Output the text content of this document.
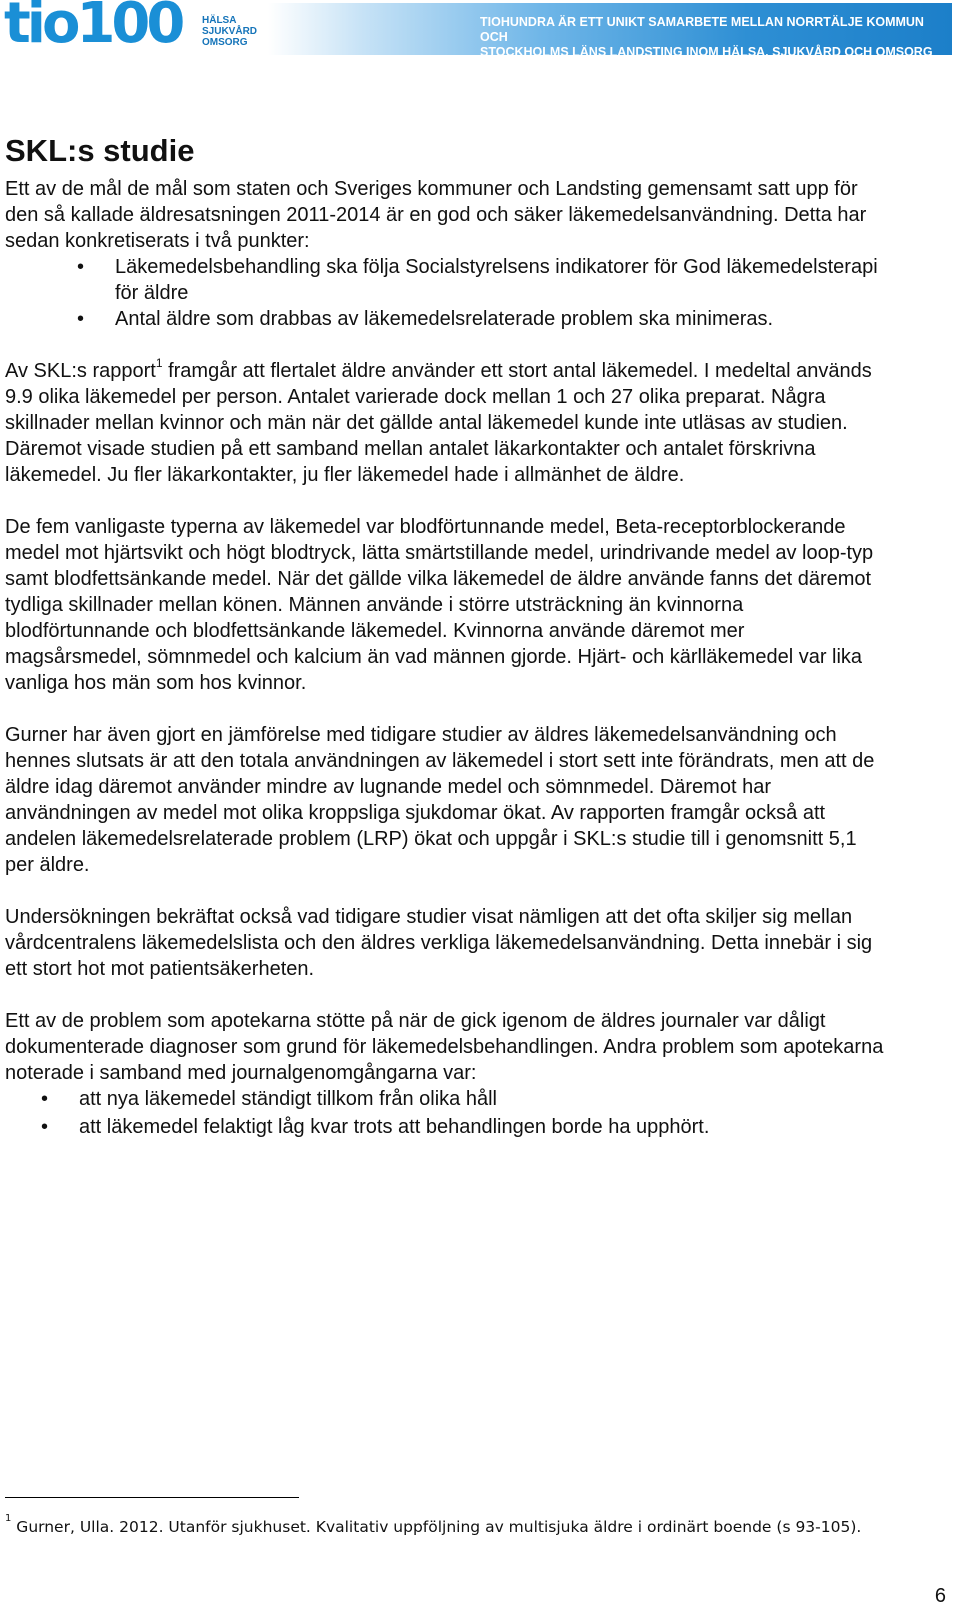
tio100 HÄLSA
SJUKVÅRD
OMSORG
TIOHUNDRA ÄR ETT UNIKT SAMARBETE MELLAN NORRTÄLJE KOMMUN OCH
STOCKHOLMS LÄNS LANDSTING INOM HÄLSA, SJUKVÅRD OCH OMSORG
SKL:s studie

Ett av de mål de mål som staten och Sveriges kommuner och Landsting gemensamt satt upp för den så kallade äldresatsningen 2011-2014 är en god och säker läkemedelsanvändning. Detta har sedan konkretiserats i två punkter:

• Läkemedelsbehandling ska följa Socialstyrelsens indikatorer för God läkemedelsterapi för äldre
• Antal äldre som drabbas av läkemedelsrelaterade problem ska minimeras.

Av SKL:s rapport$^1$ framgår att flertalet äldre använder ett stort antal läkemedel. I medeltal används 9.9 olika läkemedel per person. Antalet varierade dock mellan 1 och 27 olika preparat. Några skillnader mellan kvinnor och män när det gällde antal läkemedel kunde inte utläsas av studien. Däremot visade studien på ett samband mellan antalet läkarkontakter och antalet förskrivna läkemedel. Ju fler läkarkontakter, ju fler läkemedel hade i allmänhet de äldre.

De fem vanligaste typerna av läkemedel var blodförtunnande medel, Beta-receptorblockerande medel mot hjärtsvikt och högt blodtryck, lätta smärtstillande medel, urindrivande medel av loop-typ samt blodfettsänkande medel. När det gällde vilka läkemedel de äldre använde fanns det däremot tydliga skillnader mellan könen. Männen använde i större utsträckning än kvinnorna blodförtunnande och blodfettsänkande läkemedel. Kvinnorna använde däremot mer magsårsmedel, sömnmedel och kalcium än vad männen gjorde. Hjärt- och kärlläkemedel var lika vanliga hos män som hos kvinnor.

Gurner har även gjort en jämförelse med tidigare studier av äldres läkemedelsanvändning och hennes slutsats är att den totala användningen av läkemedel i stort sett inte förändrats, men att de äldre idag däremot använder mindre av lugnande medel och sömnmedel. Däremot har användningen av medel mot olika kroppsliga sjukdomar ökat. Av rapporten framgår också att andelen läkemedelsrelaterade problem (LRP) ökat och uppgår i SKL:s studie till i genomsnitt 5,1 per äldre.

Undersökningen bekräftat också vad tidigare studier visat nämligen att det ofta skiljer sig mellan vårdcentralens läkemedelslista och den äldres verkliga läkemedelsanvändning. Detta innebär i sig ett stort hot mot patientsäkerheten.

Ett av de problem som apotekarna stötte på när de gick igenom de äldres journaler var dåligt dokumenterade diagnoser som grund för läkemedelsbehandlingen. Andra problem som apotekarna noterade i samband med journalgenomgångarna var:

• att nya läkemedel ständigt tillkom från olika håll
• att läkemedel felaktigt låg kvar trots att behandlingen borde ha upphört.
$^1$ Gurner, Ulla. 2012. Utanför sjukhuset. Kvalitativ uppföljning av multisjuka äldre i ordinärt boende (s 93-105).
6
